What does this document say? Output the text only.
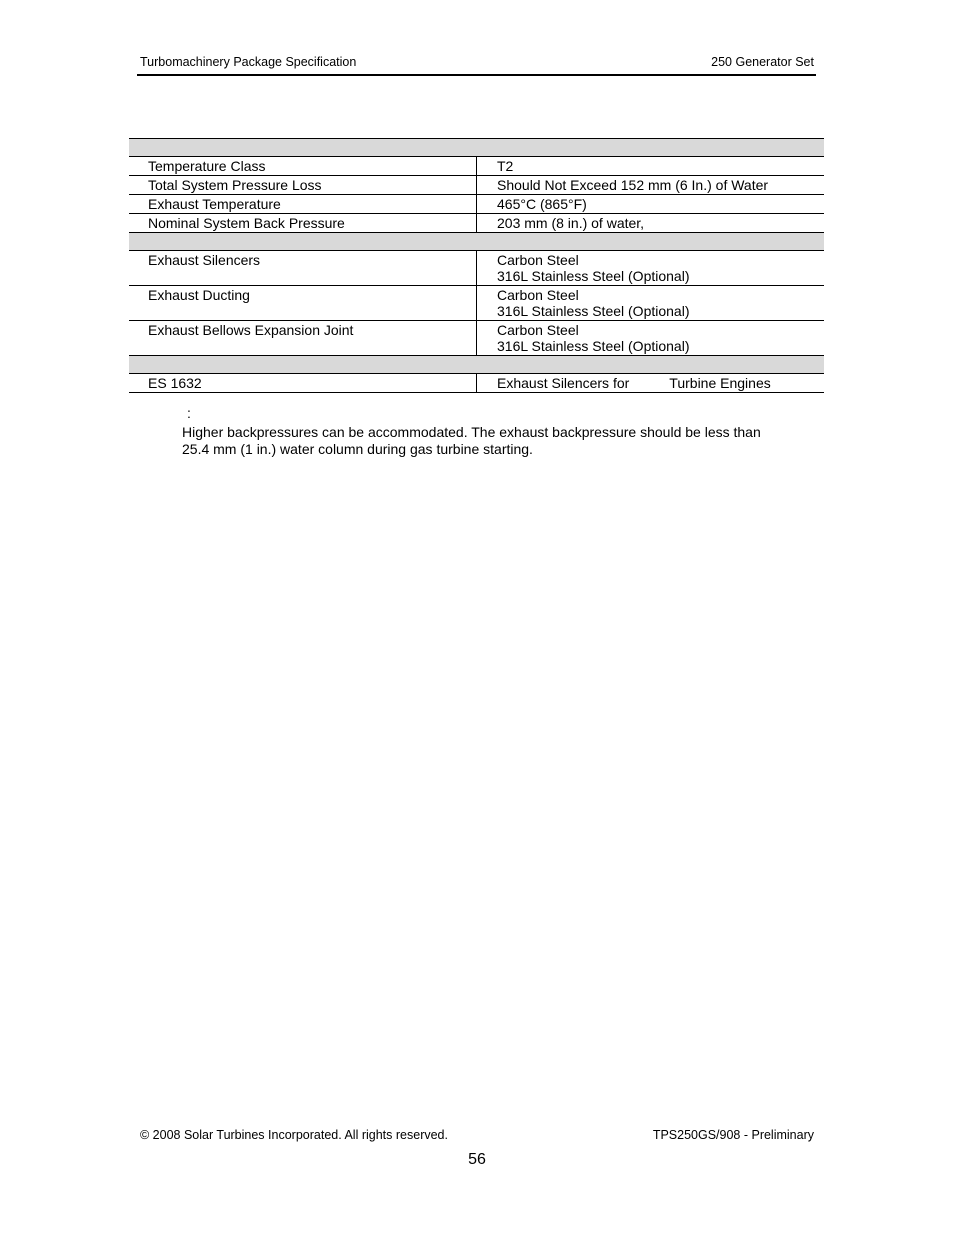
Turbomachinery Package Specification	250 Generator Set

Temperature Class	T2
Total System Pressure Loss	Should Not Exceed 152 mm (6 In.) of Water
Exhaust Temperature	465°C (865°F)
Nominal System Back Pressure	203 mm (8 in.) of water,

Exhaust Silencers	Carbon Steel
316L Stainless Steel (Optional)

Exhaust Ducting	Carbon Steel
316L Stainless Steel (Optional)

Exhaust Bellows Expansion Joint	Carbon Steel
316L Stainless Steel (Optional)

ES 1632	Exhaust Silencers for Turbine Engines
:
Higher backpressures can be accommodated. The exhaust backpressure should be less than 25.4 mm (1 in.) water column during gas turbine starting.
© 2008 Solar Turbines Incorporated. All rights reserved.	TPS250GS/908 - Preliminary
56
